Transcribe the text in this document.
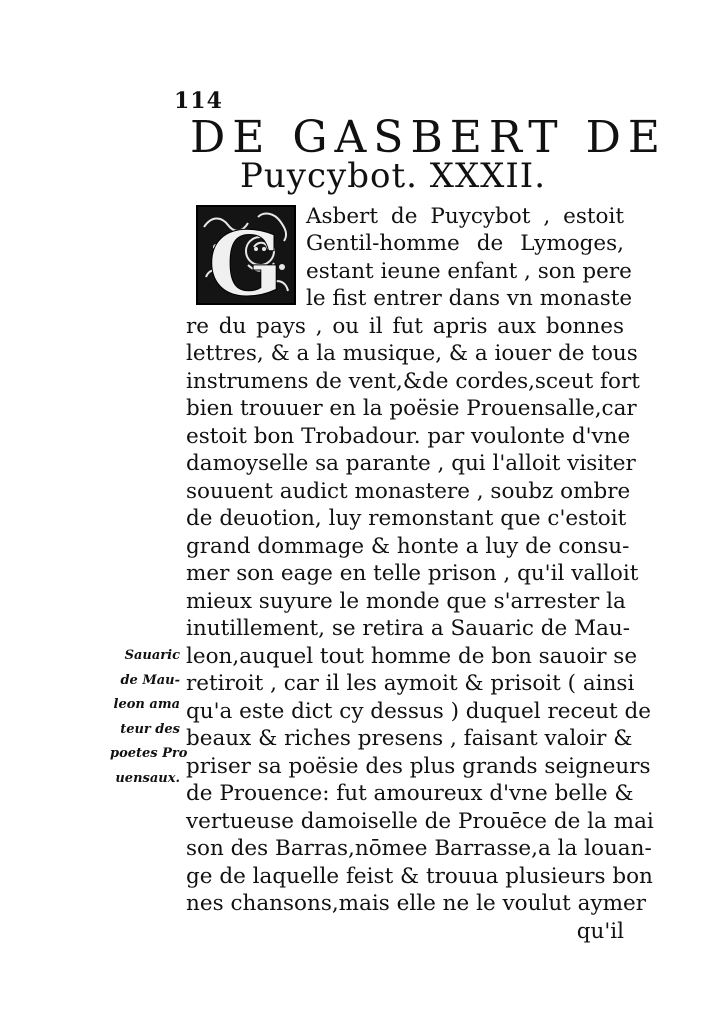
114
DE GASBERT DE
Puycybot. XXXII.
G
Sauaric
de Mau-
leon ama
teur des
poetes Pro
uensaux.
Asbert de Puycybot , estoit
Gentil-homme de Lymoges,
estant ieune enfant , son pere
le fist entrer dans vn monaste
re du pays , ou il fut apris aux bonnes
lettres, & a la musique, & a iouer de tous
instrumens de vent,&de cordes,sceut fort
bien trouuer en la poësie Prouensalle,car
estoit bon Trobadour. par voulonte d'vne
damoyselle sa parante , qui l'alloit visiter
souuent audict monastere , soubz ombre
de deuotion, luy remonstant que c'estoit
grand dommage & honte a luy de consu-
mer son eage en telle prison , qu'il valloit
mieux suyure le monde que s'arrester la
inutillement, se retira a Sauaric de Mau-
leon,auquel tout homme de bon sauoir se
retiroit , car il les aymoit & prisoit ( ainsi
qu'a este dict cy dessus ) duquel receut de
beaux & riches presens , faisant valoir &
priser sa poësie des plus grands seigneurs
de Prouence: fut amoureux d'vne belle &
vertueuse damoiselle de Prouēce de la mai
son des Barras,nōmee Barrasse,a la louan-
ge de laquelle feist & trouua plusieurs bon
nes chansons,mais elle ne le voulut aymer
qu'il
